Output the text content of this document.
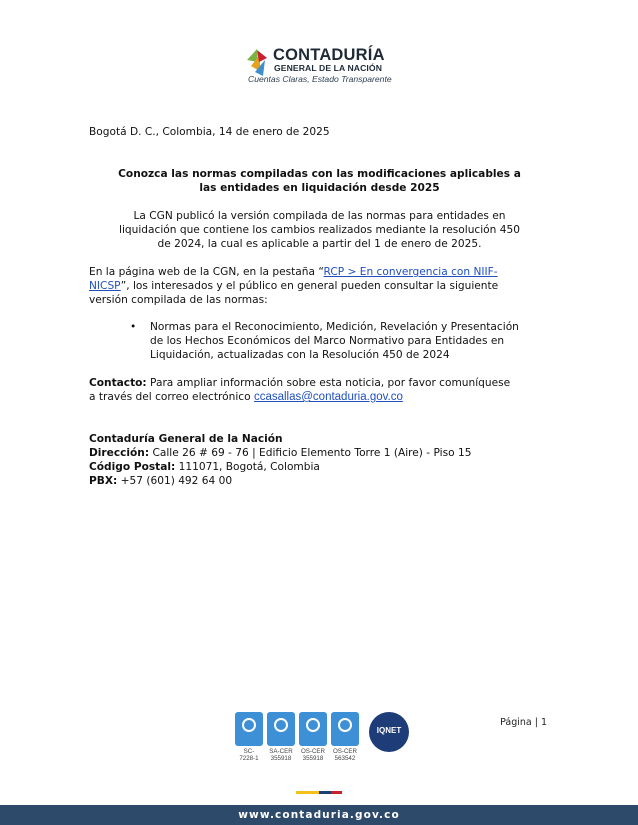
CONTADURÍA
GENERAL DE LA NACIÓN
Cuentas Claras, Estado Transparente
Bogotá D. C., Colombia, 14 de enero de 2025
Conozca las normas compiladas con las modificaciones aplicables a
las entidades en liquidación desde 2025
La CGN publicó la versión compilada de las normas para entidades en
liquidación que contiene los cambios realizados mediante la resolución 450
de 2024, la cual es aplicable a partir del 1 de enero de 2025.
En la página web de la CGN, en la pestaña “RCP > En convergencia con NIIF-
NICSP”, los interesados y el público en general pueden consultar la siguiente
versión compilada de las normas:
• Normas para el Reconocimiento, Medición, Revelación y Presentación
de los Hechos Económicos del Marco Normativo para Entidades en
Liquidación, actualizadas con la Resolución 450 de 2024
Contacto: Para ampliar información sobre esta noticia, por favor comuníquese
a través del correo electrónico ccasallas@contaduria.gov.co
Contaduría General de la Nación
Dirección: Calle 26 # 69 - 76 | Edificio Elemento Torre 1 (Aire) - Piso 15
Código Postal: 111071, Bogotá, Colombia
PBX: +57 (601) 492 64 00
SC-
7228-1
SA-CER
355918
OS-CER
355918
OS-CER
563542
IQNET
Página | 1
www.contaduria.gov.co
